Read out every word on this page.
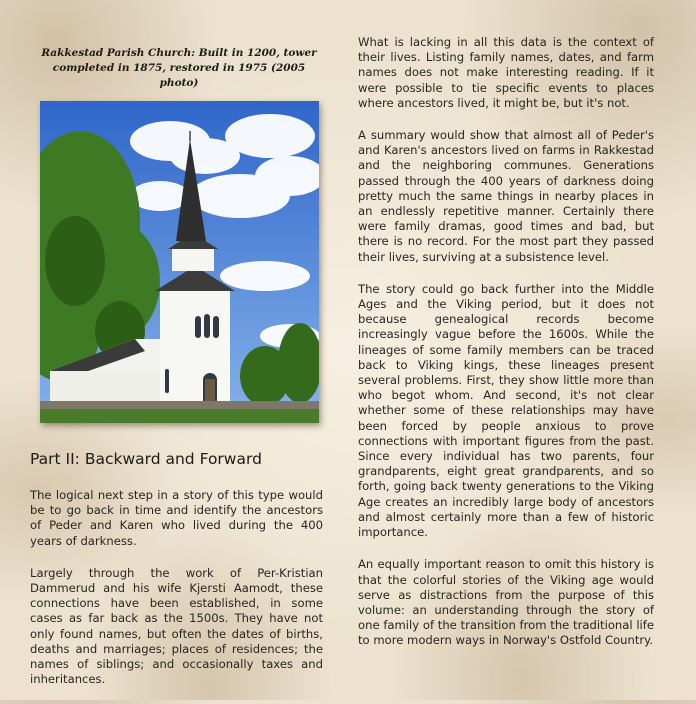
Rakkestad Parish Church: Built in 1200, tower completed in 1875, restored in 1975 (2005 photo)
Part II: Backward and Forward

The logical next step in a story of this type would be to go back in time and identify the ancestors of Peder and Karen who lived during the 400 years of darkness.

Largely through the work of Per-Kristian Dammerud and his wife Kjersti Aamodt, these connections have been established, in some cases as far back as the 1500s. They have not only found names, but often the dates of births, deaths and marriages; places of residences; the names of siblings; and occasionally taxes and inheritances.

What is lacking in all this data is the context of their lives. Listing family names, dates, and farm names does not make interesting reading. If it were possible to tie specific events to places where ancestors lived, it might be, but it's not.

A summary would show that almost all of Peder's and Karen's ancestors lived on farms in Rakkestad and the neighboring communes. Generations passed through the 400 years of darkness doing pretty much the same things in nearby places in an endlessly repetitive manner. Certainly there were family dramas, good times and bad, but there is no record. For the most part they passed their lives, surviving at a subsistence level.

The story could go back further into the Middle Ages and the Viking period, but it does not because genealogical records become increasingly vague before the 1600s. While the lineages of some family members can be traced back to Viking kings, these lineages present several problems. First, they show little more than who begot whom. And second, it's not clear whether some of these relationships may have been forced by people anxious to prove connections with important figures from the past. Since every individual has two parents, four grandparents, eight great grandparents, and so forth, going back twenty generations to the Viking Age creates an incredibly large body of ancestors and almost certainly more than a few of historic importance.

An equally important reason to omit this history is that the colorful stories of the Viking age would serve as distractions from the purpose of this volume: an understanding through the story of one family of the transition from the traditional life to more modern ways in Norway's Ostfold Country.
